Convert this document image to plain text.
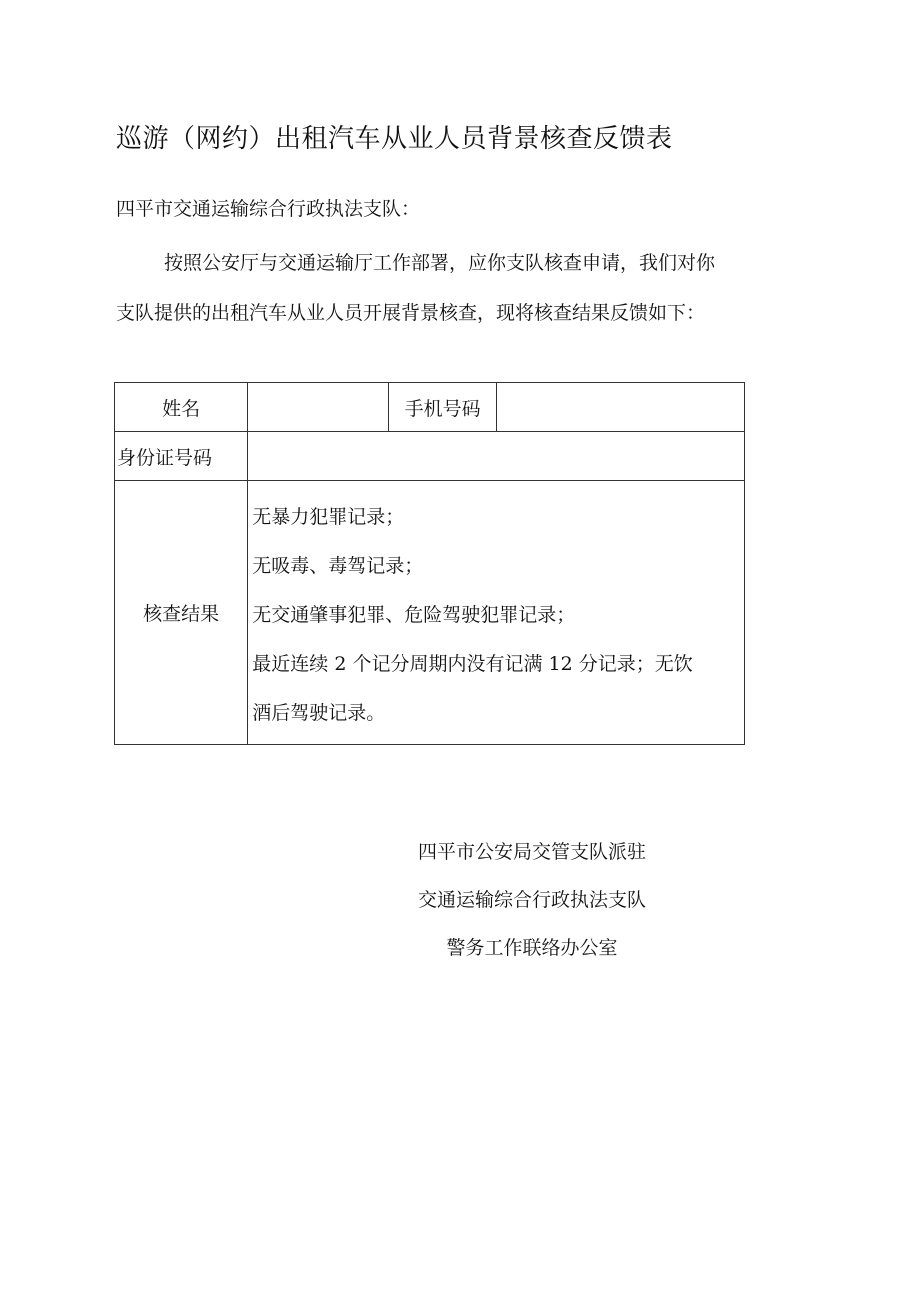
巡游（网约）出租汽车从业人员背景核查反馈表
四平市交通运输综合行政执法支队：
按照公安厅与交通运输厅工作部署，应你支队核查申请，我们对你
支队提供的出租汽车从业人员开展背景核查，现将核查结果反馈如下：
姓名		手机号码	
身份证号码			
核查结果	无暴力犯罪记录；
无吸毒、毒驾记录；
无交通肇事犯罪、危险驾驶犯罪记录；
最近连续 2 个记分周期内没有记满 12 分记录；无饮
酒后驾驶记录。		
四平市公安局交管支队派驻
交通运输综合行政执法支队
警务工作联络办公室
